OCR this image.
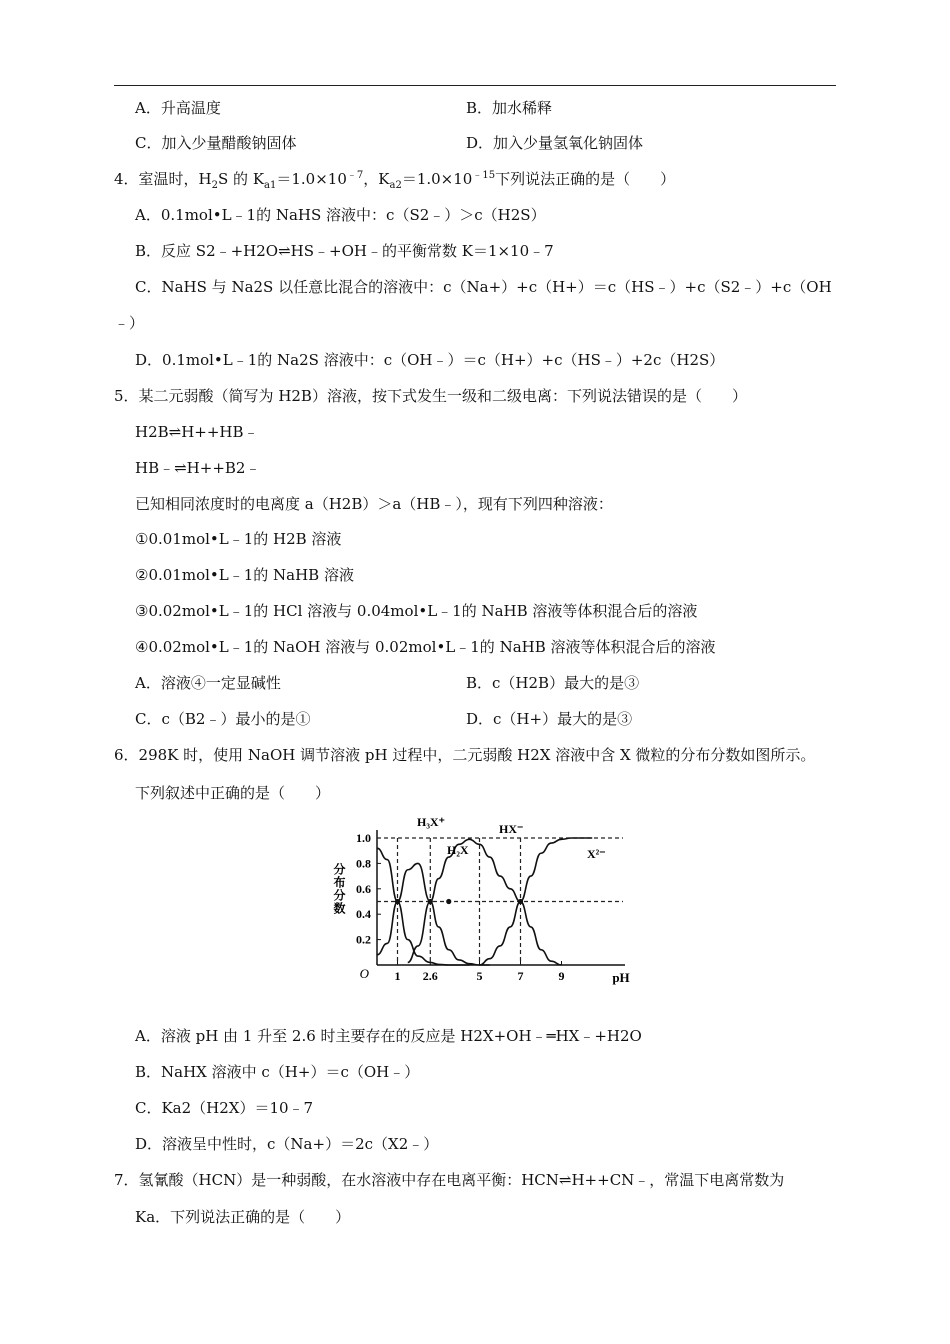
A．升高温度	B．加水稀释
C．加入少量醋酸钠固体	D．加入少量氢氧化钠固体
4．室温时，$H_2S$ 的 $K_{a1}=1.0\times 10^{﹣7}$，$K_{a2}=1.0\times 10^{﹣15}$下列说法正确的是（　　）
A．0.1mol•L﹣1的 NaHS 溶液中：c（S2﹣）＞c（H2S）
B．反应 S2﹣+H2O⇌HS﹣+OH﹣的平衡常数 K＝1×10﹣7
C．NaHS 与 Na2S 以任意比混合的溶液中：c（Na+）+c（H+）＝c（HS﹣）+c（S2﹣）+c（OH
﹣）
D．0.1mol•L﹣1的 Na2S 溶液中：c（OH﹣）＝c（H+）+c（HS﹣）+2c（H2S）
5．某二元弱酸（简写为 H2B）溶液，按下式发生一级和二级电离：下列说法错误的是（　　）
H2B⇌H++HB﹣
HB﹣⇌H++B2﹣
已知相同浓度时的电离度 a（H2B）＞a（HB﹣），现有下列四种溶液：
①0.01mol•L﹣1的 H2B 溶液
②0.01mol•L﹣1的 NaHB 溶液
③0.02mol•L﹣1的 HCl 溶液与 0.04mol•L﹣1的 NaHB 溶液等体积混合后的溶液
④0.02mol•L﹣1的 NaOH 溶液与 0.02mol•L﹣1的 NaHB 溶液等体积混合后的溶液
A．溶液④一定显碱性	B．c（H2B）最大的是③
C．c（B2﹣）最小的是①	D．c（H+）最大的是③
6．298K 时，使用 NaOH 调节溶液 pH 过程中，二元弱酸 H2X 溶液中含 X 微粒的分布分数如图所示。
下列叙述中正确的是（　　）
0.2
0.4
0.6
0.8
1.0
1 2.6	5	7	9
O	pH
分布分数
H₃X⁺
H₂X
HX⁻
X²⁻
A．溶液 pH 由 1 升至 2.6 时主要存在的反应是 H2X+OH﹣═HX﹣+H2O
B．NaHX 溶液中 c（H+）＝c（OH﹣）
C．Ka2（H2X）＝10﹣7
D．溶液呈中性时，c（Na+）＝2c（X2﹣）
7．氢氰酸（HCN）是一种弱酸，在水溶液中存在电离平衡：HCN⇌H++CN﹣，常温下电离常数为
Ka．下列说法正确的是（　　）
